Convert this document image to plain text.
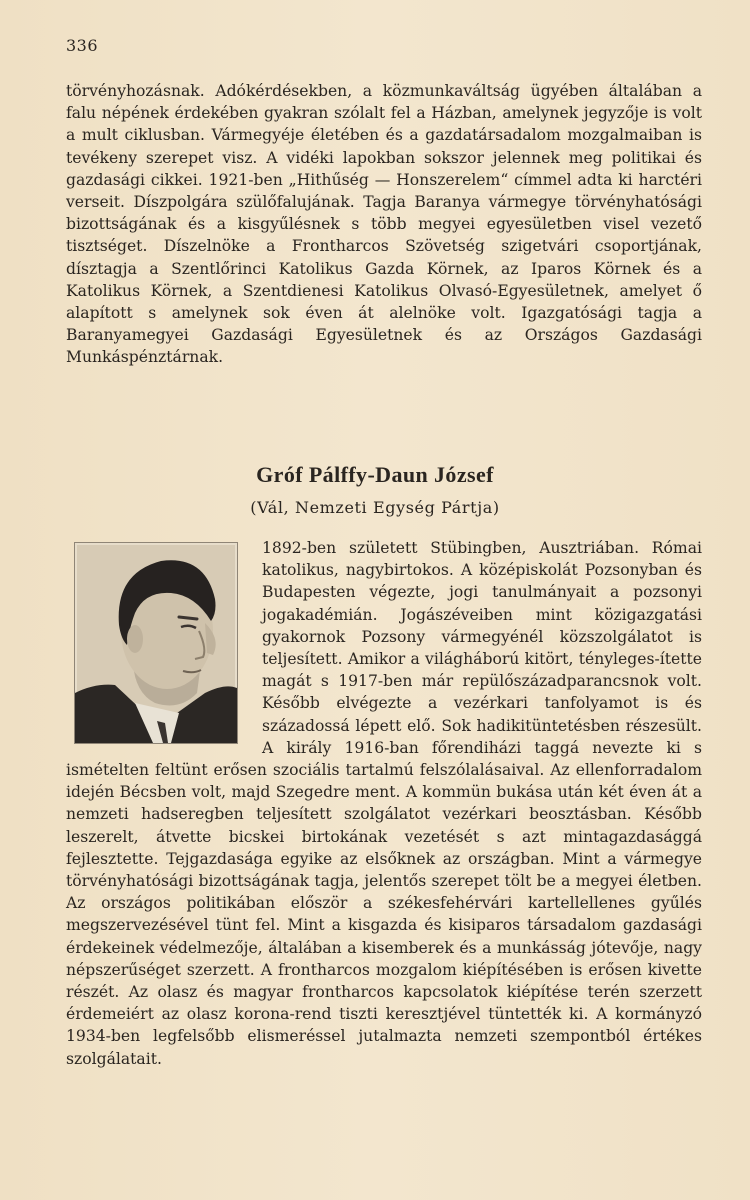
336

törvényhozásnak. Adókérdésekben, a közmunkaváltság ügyében általában a falu népének érdekében gyakran szólalt fel a Házban, amelynek jegyzője is volt a mult ciklusban. Vármegyéje életében és a gazdatársadalom mozgalmaiban is tevékeny szerepet visz. A vidéki lapokban sokszor jelennek meg politikai és gazdasági cikkei. 1921-ben „Hithűség — Honszerelem“ címmel adta ki harctéri verseit. Díszpolgára szülőfalujának. Tagja Baranya vármegye törvényhatósági bizottságának és a kisgyűlésnek s több megyei egyesületben visel vezető tisztséget. Díszelnöke a Frontharcos Szövetség szigetvári csoportjának, dísztagja a Szentlőrinci Katolikus Gazda Körnek, az Iparos Körnek és a Katolikus Körnek, a Szentdienesi Katolikus Olvasó-Egyesületnek, amelyet ő alapított s amelynek sok éven át alelnöke volt. Igazgatósági tagja a Baranyamegyei Gazdasági Egyesületnek és az Országos Gazdasági Munkáspénztárnak.

Gróf Pálffy-Daun József
(Vál, Nemzeti Egység Pártja)

1892-ben született Stübingben, Ausztriában. Római katolikus, nagybirtokos. A középiskolát Pozsonyban és Budapesten végezte, jogi tanulmányait a pozsonyi jogakadémián. Jogászéveiben mint közigazgatási gyakornok Pozsony vármegyénél közszolgálatot is teljesített. Amikor a világháború kitört, tényleges-ítette magát s 1917-ben már repülőszázadparancsnok volt. Később elvégezte a vezérkari tanfolyamot is és századossá lépett elő. Sok hadikitüntetésben részesült. A király 1916-ban főrendiházi taggá nevezte ki s ismételten feltünt erősen szociális tartalmú felszólalásaival. Az ellenforradalom idején Bécsben volt, majd Szegedre ment. A kommün bukása után két éven át a nemzeti hadseregben teljesített szolgálatot vezérkari beosztásban. Később leszerelt, átvette bicskei birtokának vezetését s azt mintagazdasággá fejlesztette. Tejgazdasága egyike az elsőknek az országban. Mint a vármegye törvényhatósági bizottságának tagja, jelentős szerepet tölt be a megyei életben. Az országos politikában először a székesfehérvári kartellellenes gyűlés megszervezésével tünt fel. Mint a kisgazda és kisiparos társadalom gazdasági érdekeinek védelmezője, általában a kisemberek és a munkásság jótevője, nagy népszerűséget szerzett. A frontharcos mozgalom kiépítésében is erősen kivette részét. Az olasz és magyar frontharcos kapcsolatok kiépítése terén szerzett érdemeiért az olasz korona-rend tiszti keresztjével tüntették ki. A kormányzó 1934-ben legfelsőbb elismeréssel jutalmazta nemzeti szempontból értékes szolgálatait.
